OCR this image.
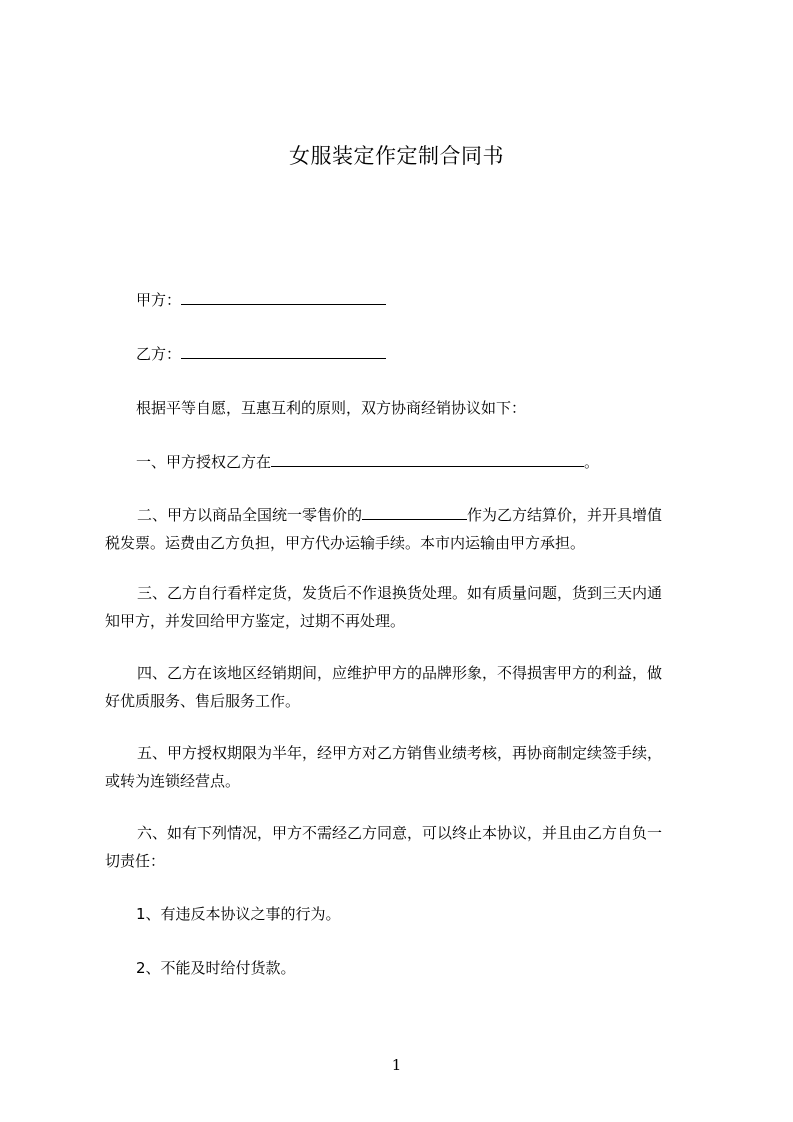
女服装定作定制合同书
甲方：
乙方：
根据平等自愿，互惠互利的原则，双方协商经销协议如下：
一、甲方授权乙方在	。
二、甲方以商品全国统一零售价的	作为乙方结算价，并开具增值
税发票。运费由乙方负担，甲方代办运输手续。本市内运输由甲方承担。
三、乙方自行看样定货，发货后不作退换货处理。如有质量问题，货到三天内通
知甲方，并发回给甲方鉴定，过期不再处理。
四、乙方在该地区经销期间，应维护甲方的品牌形象，不得损害甲方的利益，做
好优质服务、售后服务工作。
五、甲方授权期限为半年，经甲方对乙方销售业绩考核，再协商制定续签手续，
或转为连锁经营点。
六、如有下列情况，甲方不需经乙方同意，可以终止本协议，并且由乙方自负一
切责任：
1、有违反本协议之事的行为。
2、不能及时给付货款。
1
